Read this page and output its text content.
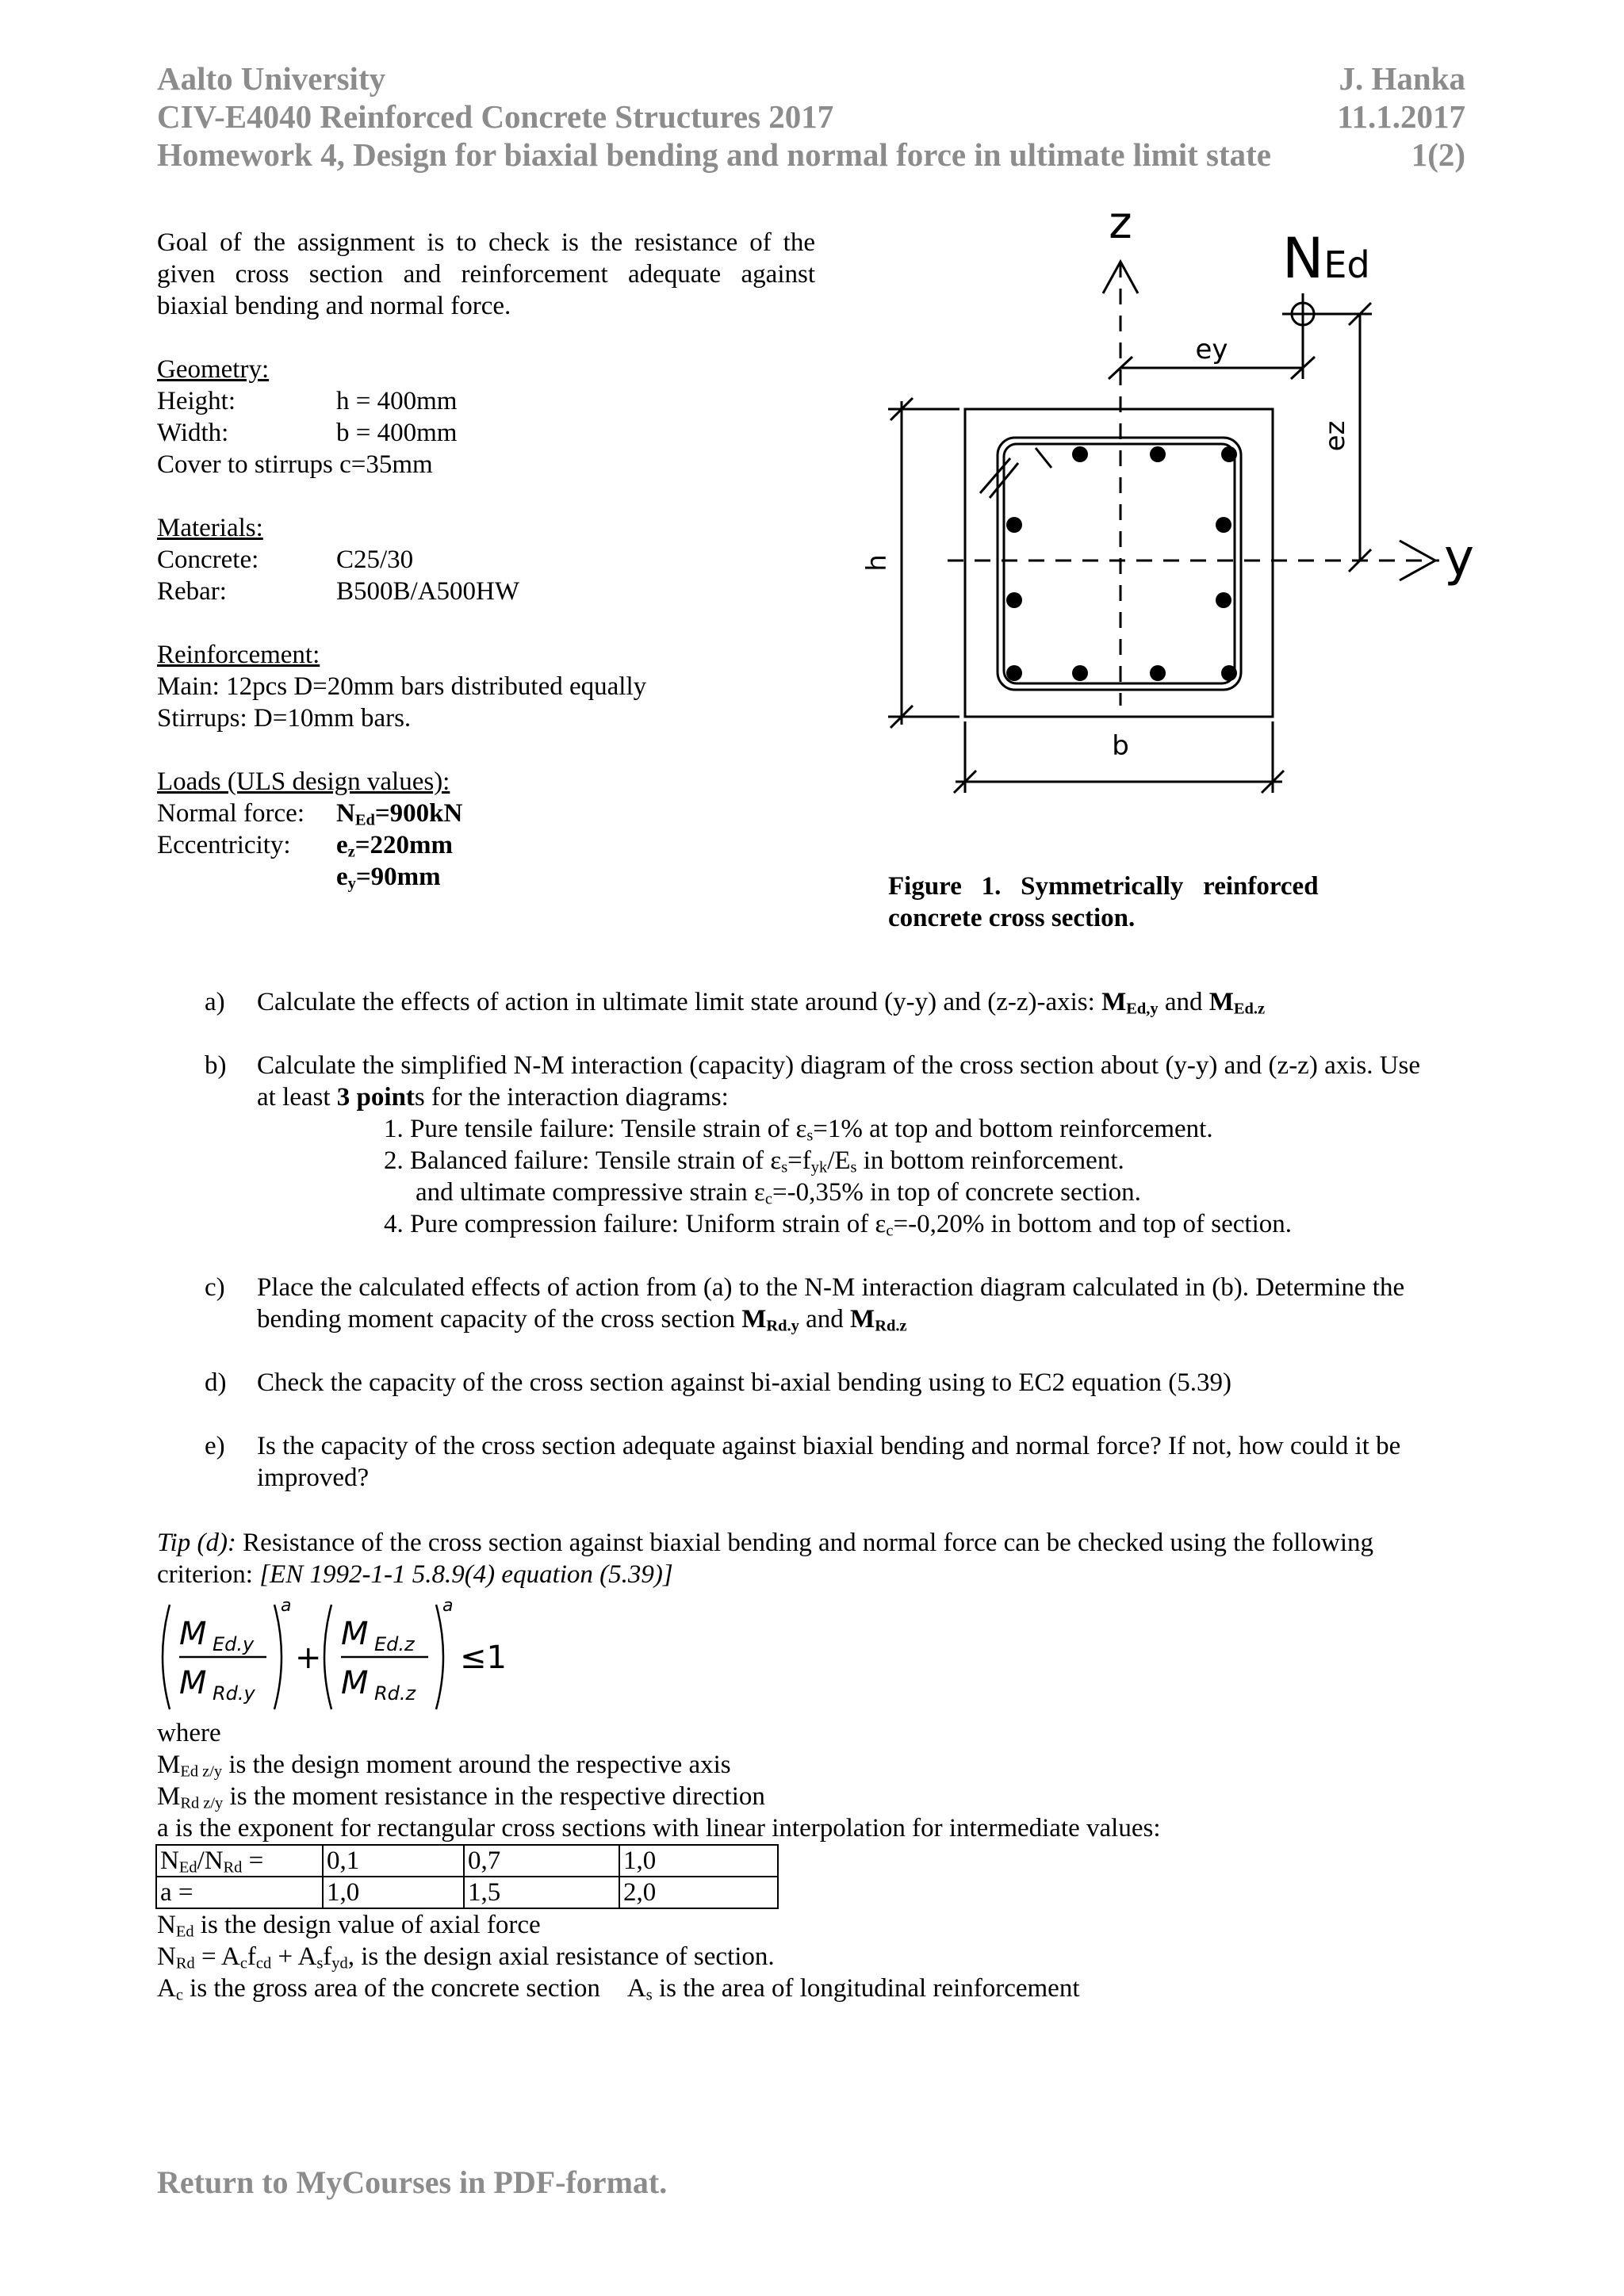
Aalto University	J. Hanka
CIV-E4040 Reinforced Concrete Structures 2017	11.1.2017
Homework 4, Design for biaxial bending and normal force in ultimate limit state	1(2)
Goal of the assignment is to check is the resistance of the
given cross section and reinforcement adequate against
biaxial bending and normal force.
Geometry:
Height:	h = 400mm
Width:	b = 400mm
Cover to stirrups c=35mm
Materials:
Concrete:	C25/30
Rebar:	B500B/A500HW
Reinforcement:
Main: 12pcs D=20mm bars distributed equally
Stirrups: D=10mm bars.
Loads (ULS design values):
Normal force: $N_{Ed}=900kN$
Eccentricity: $e_z=220mm$
$e_y=90mm$
z
y
NEd
ey
ez
h
b
Figure   1.   Symmetrically   reinforced
concrete cross section.
a)	Calculate the effects of action in ultimate limit state around (y-y) and (z-z)-axis: $M_{Ed,y}$ and $M_{Ed.z}$
b)	Calculate the simplified N-M interaction (capacity) diagram of the cross section about (y-y) and (z-z) axis. Use
at least 3 points for the interaction diagrams:
1. Pure tensile failure: Tensile strain of $\varepsilon_s=1\%$ at top and bottom reinforcement.
2. Balanced failure: Tensile strain of $\varepsilon_s=f_{yk}/E_s$ in bottom reinforcement.
and ultimate compressive strain $\varepsilon_c=-0,35\%$ in top of concrete section.
4. Pure compression failure: Uniform strain of $\varepsilon_c=-0,20\%$ in bottom and top of section.
c)	Place the calculated effects of action from (a) to the N-M interaction diagram calculated in (b). Determine the
bending moment capacity of the cross section $M_{Rd.y}$ and $M_{Rd.z}$
d)	Check the capacity of the cross section against bi-axial bending using to EC2 equation (5.39)
e)	Is the capacity of the cross section adequate against biaxial bending and normal force? If not, how could it be
improved?
Tip (d): Resistance of the cross section against biaxial bending and normal force can be checked using the following
criterion: [EN 1992-1-1 5.8.9(4) equation (5.39)]
M Ed.y
M Rd.y
a
M Ed.z
M Rd.z
a
+	≤1
where
$M_{Ed z/y}$ is the design moment around the respective axis
$M_{Rd z/y}$ is the moment resistance in the respective direction
a is the exponent for rectangular cross sections with linear interpolation for intermediate values:
$N_{Ed}/N_{Rd}$ =	0,1	0,7	1,0
a =	1,0	1,5	2,0
$N_{Ed}$ is the design value of axial force
$N_{Rd} = A_cf_{cd} + A_sf_{yd}$, is the design axial resistance of section.
$A_c$ is the gross area of the concrete section $A_s$ is the area of longitudinal reinforcement
Return to MyCourses in PDF-format.
